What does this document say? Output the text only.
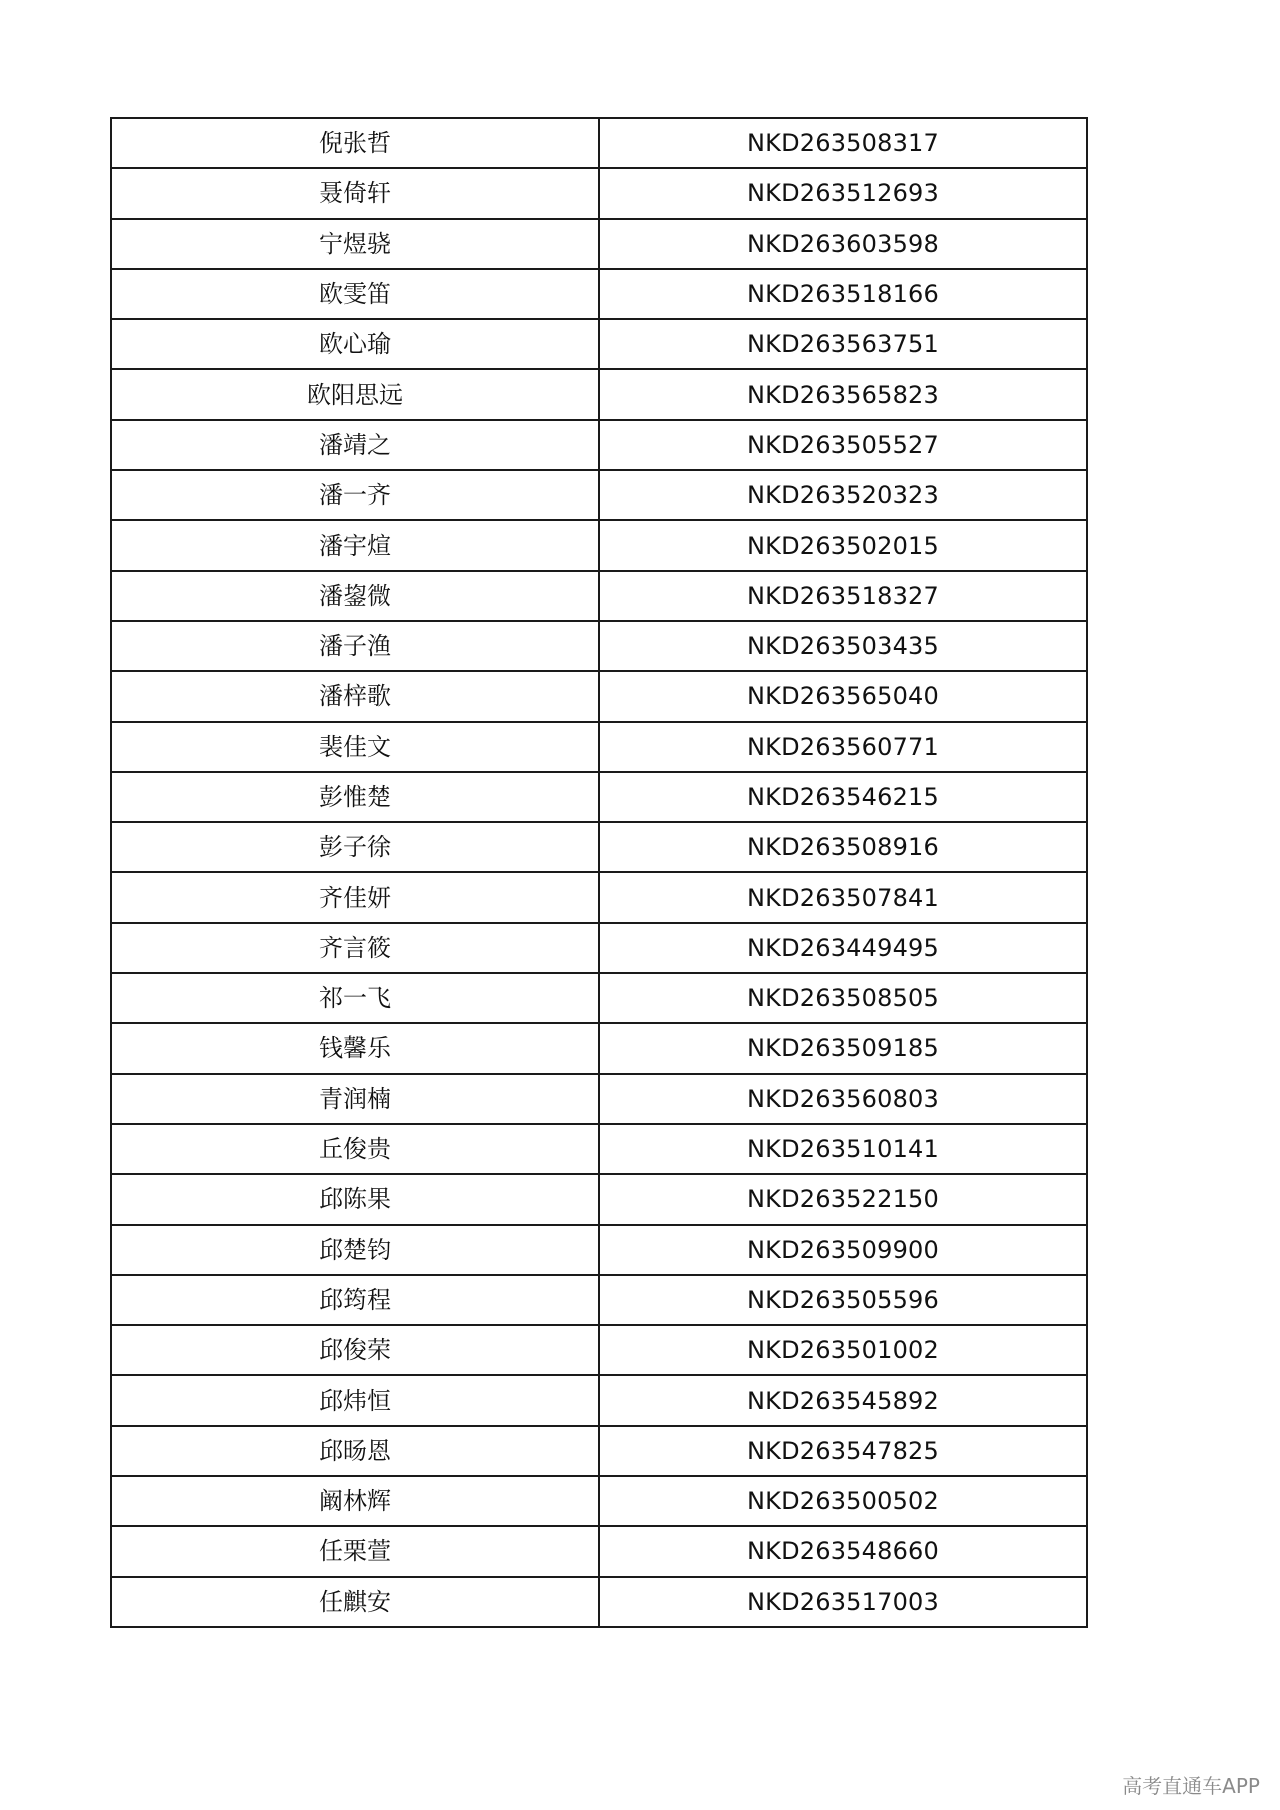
倪张哲	NKD263508317
聂倚轩	NKD263512693
宁煜骁	NKD263603598
欧雯笛	NKD263518166
欧心瑜	NKD263563751
欧阳思远	NKD263565823
潘靖之	NKD263505527
潘一齐	NKD263520323
潘宇煊	NKD263502015
潘鋆微	NKD263518327
潘子渔	NKD263503435
潘梓歌	NKD263565040
裴佳文	NKD263560771
彭惟楚	NKD263546215
彭子徐	NKD263508916
齐佳妍	NKD263507841
齐言筱	NKD263449495
祁一飞	NKD263508505
钱馨乐	NKD263509185
青润楠	NKD263560803
丘俊贵	NKD263510141
邱陈果	NKD263522150
邱楚钧	NKD263509900
邱筠程	NKD263505596
邱俊荣	NKD263501002
邱炜恒	NKD263545892
邱旸恩	NKD263547825
阚林辉	NKD263500502
任栗萱	NKD263548660
任麒安	NKD263517003
高考直通车APP
